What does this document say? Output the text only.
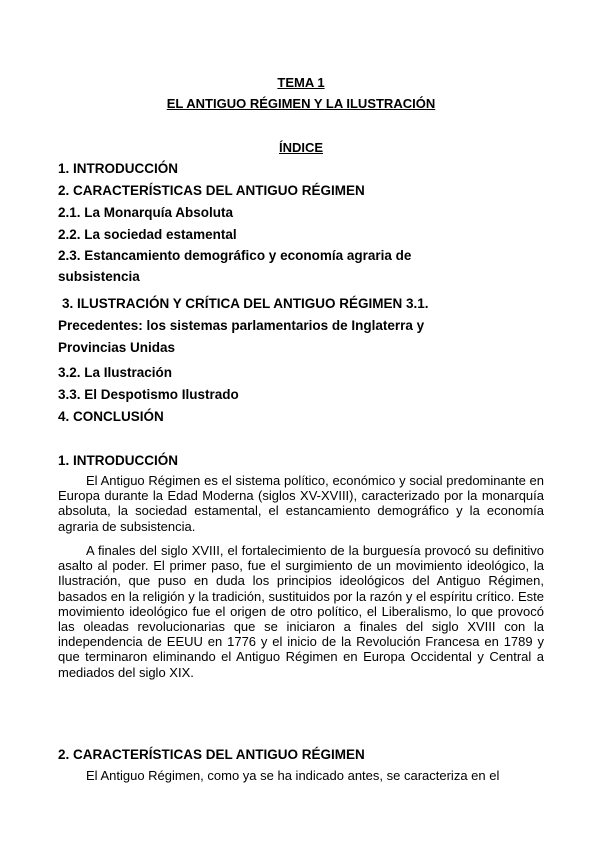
TEMA 1
EL ANTIGUO RÉGIMEN Y LA ILUSTRACIÓN
ÍNDICE
1. INTRODUCCIÓN
2. CARACTERÍSTICAS DEL ANTIGUO RÉGIMEN
2.1. La Monarquía Absoluta
2.2. La sociedad estamental
2.3. Estancamiento demográfico y economía agraria de
subsistencia
3. ILUSTRACIÓN Y CRÍTICA DEL ANTIGUO RÉGIMEN 3.1.
Precedentes: los sistemas parlamentarios de Inglaterra y
Provincias Unidas
3.2. La Ilustración
3.3. El Despotismo Ilustrado
4. CONCLUSIÓN
1. INTRODUCCIÓN

El Antiguo Régimen es el sistema político, económico y social predominante en Europa durante la Edad Moderna (siglos XV-XVIII), caracterizado por la monarquía absoluta, la sociedad estamental, el estancamiento demográfico y la economía agraria de subsistencia.

A finales del siglo XVIII, el fortalecimiento de la burguesía provocó su definitivo asalto al poder. El primer paso, fue el surgimiento de un movimiento ideológico, la Ilustración, que puso en duda los principios ideológicos del Antiguo Régimen, basados en la religión y la tradición, sustituidos por la razón y el espíritu crítico. Este movimiento ideológico fue el origen de otro político, el Liberalismo, lo que provocó las oleadas revolucionarias que se iniciaron a finales del siglo XVIII con la independencia de EEUU en 1776 y el inicio de la Revolución Francesa en 1789 y que terminaron eliminando el Antiguo Régimen en Europa Occidental y Central a mediados del siglo XIX.

2. CARACTERÍSTICAS DEL ANTIGUO RÉGIMEN

El Antiguo Régimen, como ya se ha indicado antes, se caracteriza en el
